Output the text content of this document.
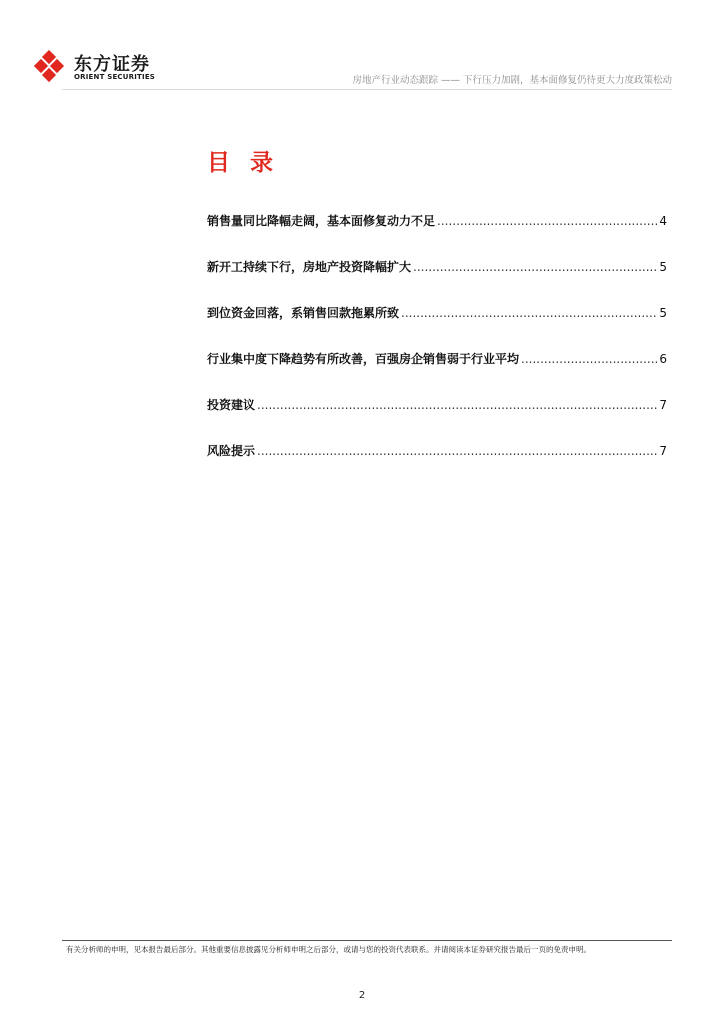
东方证券
ORIENT SECURITIES	房地产行业动态跟踪 —— 下行压力加剧，基本面修复仍待更大力度政策松动
目 录
销售量同比降幅走阔，基本面修复动力不足 .....	4
新开工持续下行，房地产投资降幅扩大 .....	5
到位资金回落，系销售回款拖累所致 .....	5
行业集中度下降趋势有所改善，百强房企销售弱于行业平均 .....	6
投资建议 .....	7
风险提示 .....	7
有关分析师的申明，见本报告最后部分。其他重要信息披露见分析师申明之后部分，或请与您的投资代表联系。并请阅读本证券研究报告最后一页的免责申明。
2
